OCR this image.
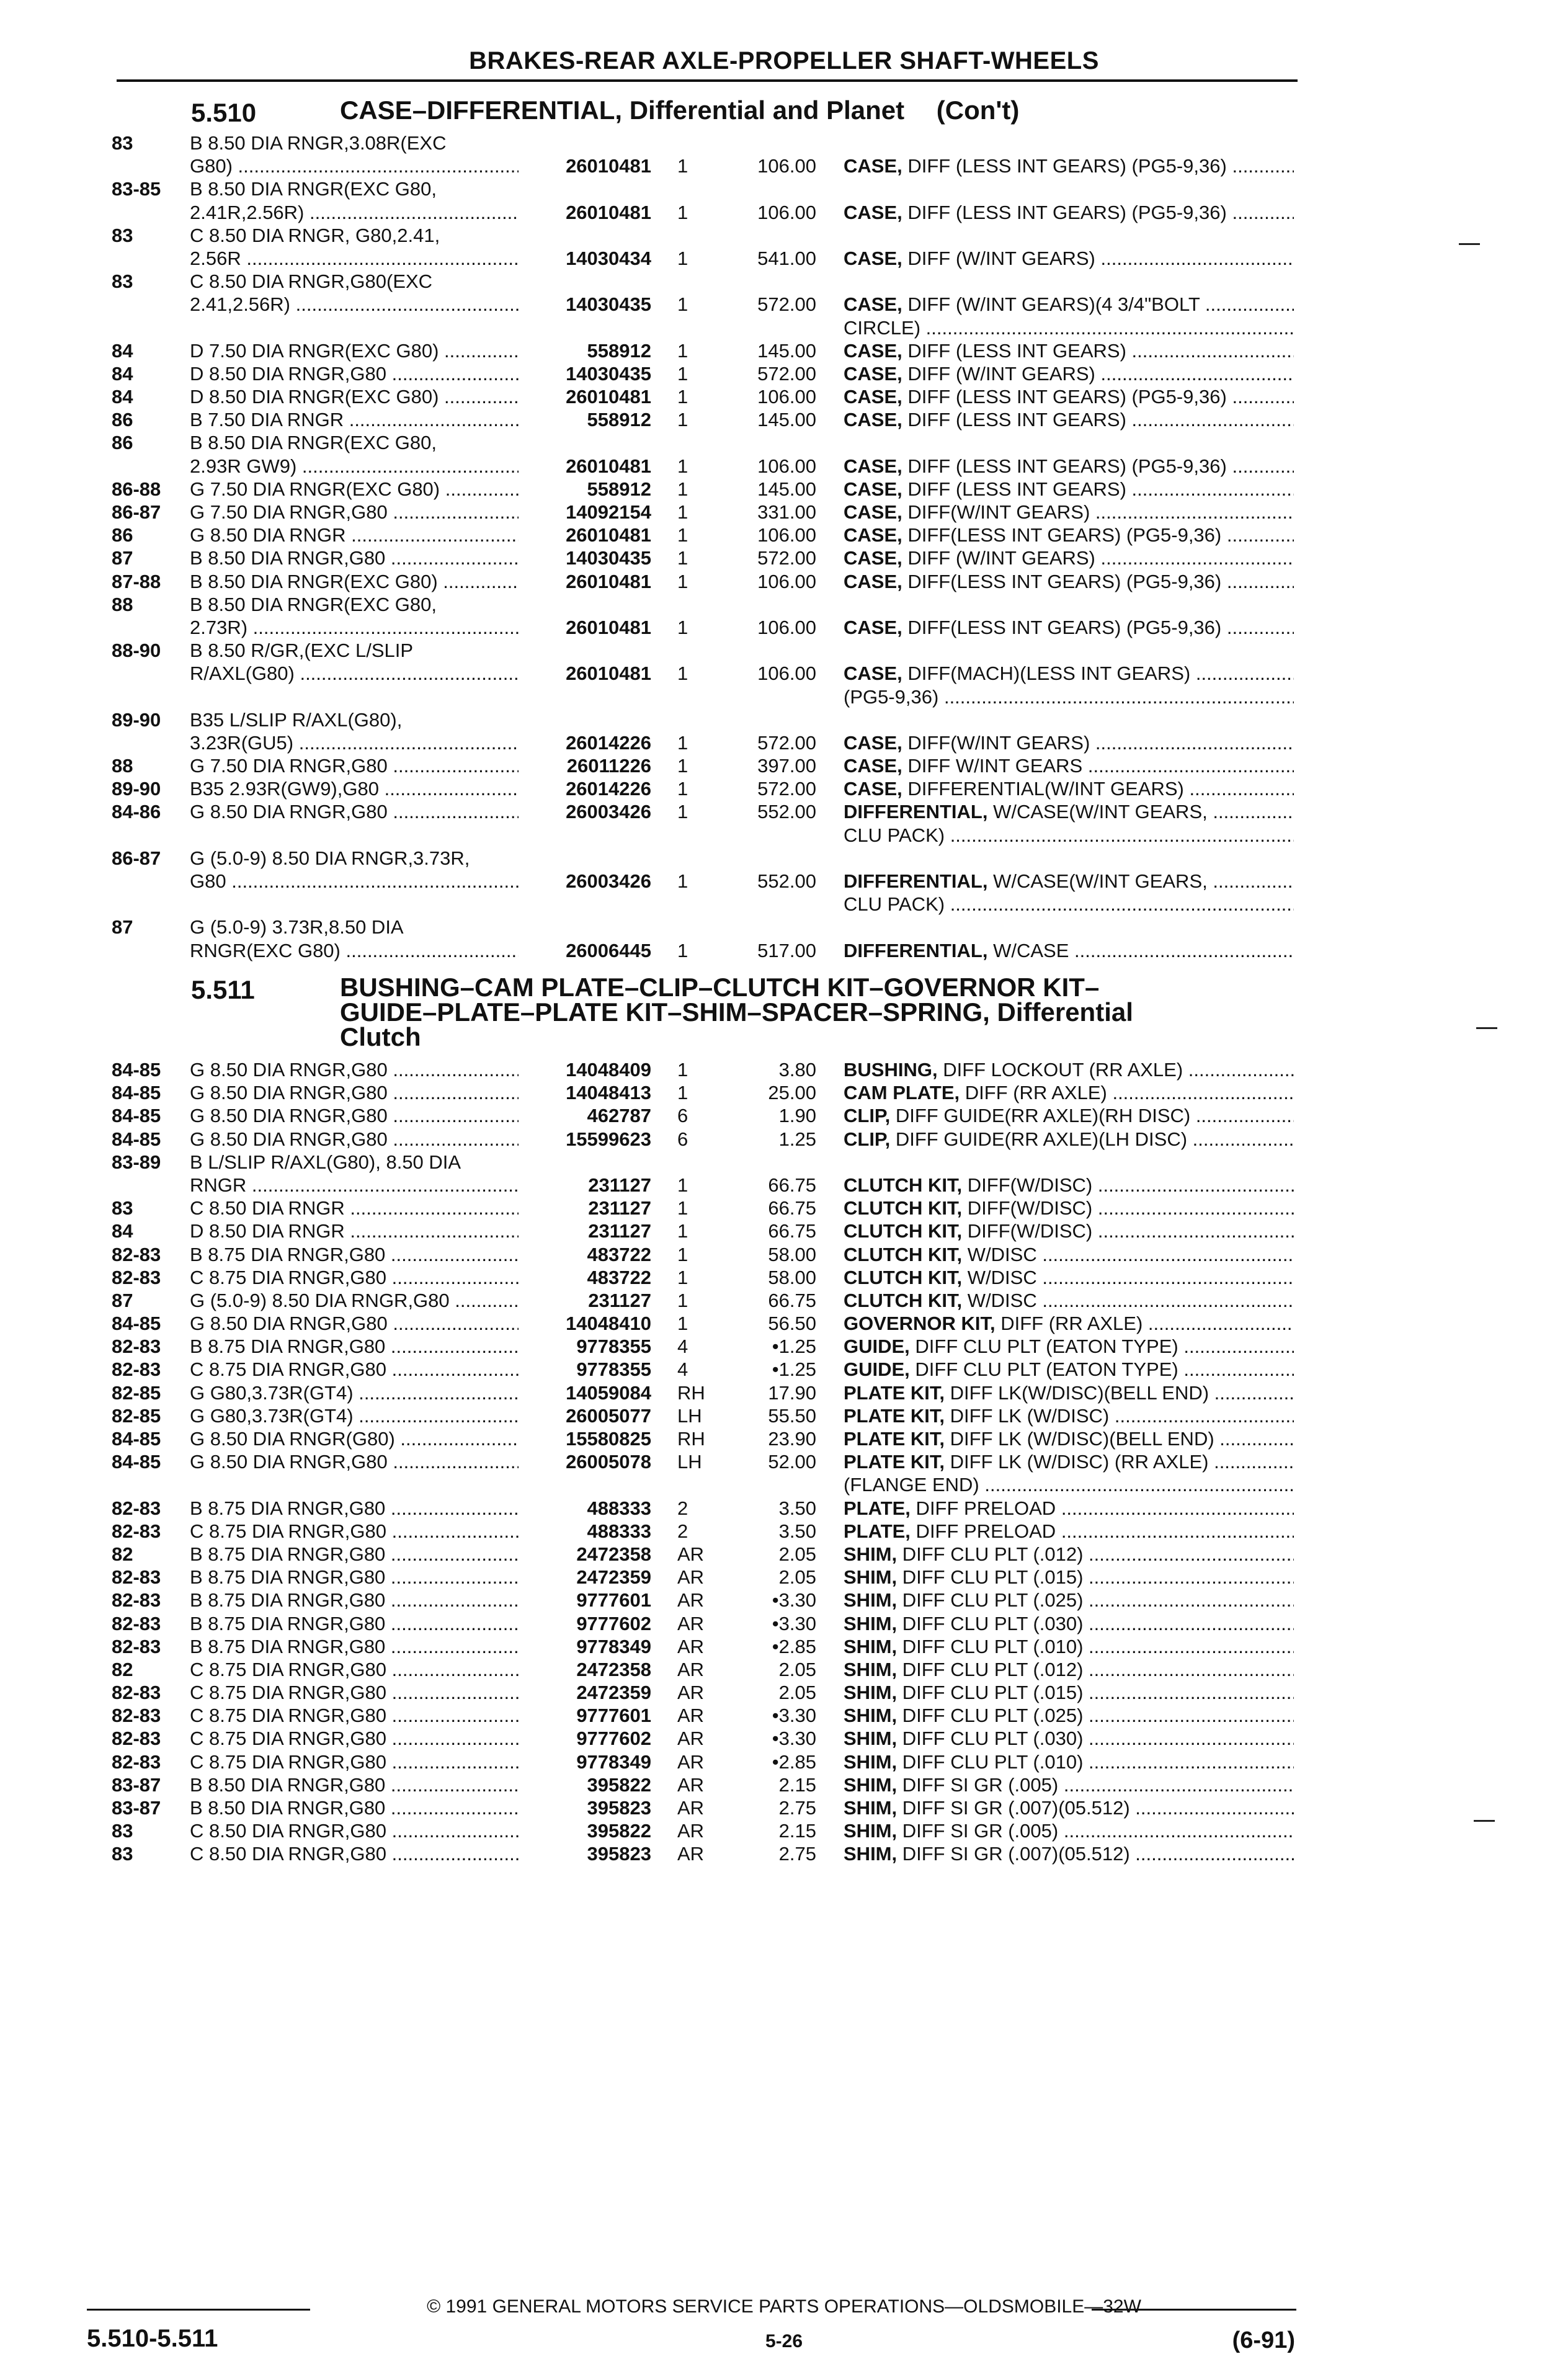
BRAKES-REAR AXLE-PROPELLER SHAFT-WHEELS
5.510	CASE–DIFFERENTIAL, Differential and Planet (Con't)
83	B 8.50 DIA RNGR,3.08R(EXC
G80) .....	26010481 1	106.00 CASE, DIFF (LESS INT GEARS) (PG5-9,36) .....
83-85 B 8.50 DIA RNGR(EXC G80,
2.41R,2.56R) .....	26010481 1	106.00 CASE, DIFF (LESS INT GEARS) (PG5-9,36) .....
83	C 8.50 DIA RNGR, G80,2.41,
2.56R .....	14030434 1	541.00 CASE, DIFF (W/INT GEARS) .....
83	C 8.50 DIA RNGR,G80(EXC
2.41,2.56R) .....	14030435 1	572.00 CASE, DIFF (W/INT GEARS)(4 3/4"BOLT .....
CIRCLE) .....
84	D 7.50 DIA RNGR(EXC G80) .....	558912 1	145.00 CASE, DIFF (LESS INT GEARS) .....
84	D 8.50 DIA RNGR,G80 .....	14030435 1	572.00 CASE, DIFF (W/INT GEARS) .....
84	D 8.50 DIA RNGR(EXC G80) .....	26010481 1	106.00 CASE, DIFF (LESS INT GEARS) (PG5-9,36) .....
86	B 7.50 DIA RNGR .....	558912 1	145.00 CASE, DIFF (LESS INT GEARS) .....
86	B 8.50 DIA RNGR(EXC G80,
2.93R GW9) .....	26010481 1	106.00 CASE, DIFF (LESS INT GEARS) (PG5-9,36) .....
86-88 G 7.50 DIA RNGR(EXC G80) .....	558912 1	145.00 CASE, DIFF (LESS INT GEARS) .....
86-87 G 7.50 DIA RNGR,G80 .....	14092154 1	331.00 CASE, DIFF(W/INT GEARS) .....
86	G 8.50 DIA RNGR .....	26010481 1	106.00 CASE, DIFF(LESS INT GEARS) (PG5-9,36) .....
87	B 8.50 DIA RNGR,G80 .....	14030435 1	572.00 CASE, DIFF (W/INT GEARS) .....
87-88 B 8.50 DIA RNGR(EXC G80) .....	26010481 1	106.00 CASE, DIFF(LESS INT GEARS) (PG5-9,36) .....
88	B 8.50 DIA RNGR(EXC G80,
2.73R) .....	26010481 1	106.00 CASE, DIFF(LESS INT GEARS) (PG5-9,36) .....
88-90 B 8.50 R/GR,(EXC L/SLIP
R/AXL(G80) .....	26010481 1	106.00 CASE, DIFF(MACH)(LESS INT GEARS) .....
(PG5-9,36) .....
89-90 B35 L/SLIP R/AXL(G80),
3.23R(GU5) .....	26014226 1	572.00 CASE, DIFF(W/INT GEARS) .....
88	G 7.50 DIA RNGR,G80 .....	26011226 1	397.00 CASE, DIFF W/INT GEARS .....
89-90 B35 2.93R(GW9),G80 .....	26014226 1	572.00 CASE, DIFFERENTIAL(W/INT GEARS) .....
84-86 G 8.50 DIA RNGR,G80 .....	26003426 1	552.00 DIFFERENTIAL, W/CASE(W/INT GEARS, .....
CLU PACK) .....
86-87 G (5.0-9) 8.50 DIA RNGR,3.73R,
G80 .....	26003426 1	552.00 DIFFERENTIAL, W/CASE(W/INT GEARS, .....
CLU PACK) .....
87	G (5.0-9) 3.73R,8.50 DIA
RNGR(EXC G80) .....	26006445 1	517.00 DIFFERENTIAL, W/CASE .....
5.511	BUSHING–CAM PLATE–CLIP–CLUTCH KIT–GOVERNOR KIT–
GUIDE–PLATE–PLATE KIT–SHIM–SPACER–SPRING, Differential
Clutch
84-85 G 8.50 DIA RNGR,G80 .....	14048409 1	3.80 BUSHING, DIFF LOCKOUT (RR AXLE) .....
84-85 G 8.50 DIA RNGR,G80 .....	14048413 1	25.00 CAM PLATE, DIFF (RR AXLE) .....
84-85 G 8.50 DIA RNGR,G80 .....	462787 6	1.90 CLIP, DIFF GUIDE(RR AXLE)(RH DISC) .....
84-85 G 8.50 DIA RNGR,G80 .....	15599623 6	1.25 CLIP, DIFF GUIDE(RR AXLE)(LH DISC) .....
83-89 B L/SLIP R/AXL(G80), 8.50 DIA
RNGR .....	231127 1	66.75 CLUTCH KIT, DIFF(W/DISC) .....
83	C 8.50 DIA RNGR .....	231127 1	66.75 CLUTCH KIT, DIFF(W/DISC) .....
84	D 8.50 DIA RNGR .....	231127 1	66.75 CLUTCH KIT, DIFF(W/DISC) .....
82-83 B 8.75 DIA RNGR,G80 .....	483722 1	58.00 CLUTCH KIT, W/DISC .....
82-83 C 8.75 DIA RNGR,G80 .....	483722 1	58.00 CLUTCH KIT, W/DISC .....
87	G (5.0-9) 8.50 DIA RNGR,G80 .....	231127 1	66.75 CLUTCH KIT, W/DISC .....
84-85 G 8.50 DIA RNGR,G80 .....	14048410 1	56.50 GOVERNOR KIT, DIFF (RR AXLE) .....
82-83 B 8.75 DIA RNGR,G80 .....	9778355 4	•1.25 GUIDE, DIFF CLU PLT (EATON TYPE) .....
82-83 C 8.75 DIA RNGR,G80 .....	9778355 4	•1.25 GUIDE, DIFF CLU PLT (EATON TYPE) .....
82-85 G G80,3.73R(GT4) .....	14059084 RH	17.90 PLATE KIT, DIFF LK(W/DISC)(BELL END) .....
82-85 G G80,3.73R(GT4) .....	26005077 LH	55.50 PLATE KIT, DIFF LK (W/DISC) .....
84-85 G 8.50 DIA RNGR(G80) .....	15580825 RH	23.90 PLATE KIT, DIFF LK (W/DISC)(BELL END) .....
84-85 G 8.50 DIA RNGR,G80 .....	26005078 LH	52.00 PLATE KIT, DIFF LK (W/DISC) (RR AXLE) .....
(FLANGE END) .....
82-83 B 8.75 DIA RNGR,G80 .....	488333 2	3.50 PLATE, DIFF PRELOAD .....
82-83 C 8.75 DIA RNGR,G80 .....	488333 2	3.50 PLATE, DIFF PRELOAD .....
82	B 8.75 DIA RNGR,G80 .....	2472358 AR	2.05 SHIM, DIFF CLU PLT (.012) .....
82-83 B 8.75 DIA RNGR,G80 .....	2472359 AR	2.05 SHIM, DIFF CLU PLT (.015) .....
82-83 B 8.75 DIA RNGR,G80 .....	9777601 AR	•3.30 SHIM, DIFF CLU PLT (.025) .....
82-83 B 8.75 DIA RNGR,G80 .....	9777602 AR	•3.30 SHIM, DIFF CLU PLT (.030) .....
82-83 B 8.75 DIA RNGR,G80 .....	9778349 AR	•2.85 SHIM, DIFF CLU PLT (.010) .....
82	C 8.75 DIA RNGR,G80 .....	2472358 AR	2.05 SHIM, DIFF CLU PLT (.012) .....
82-83 C 8.75 DIA RNGR,G80 .....	2472359 AR	2.05 SHIM, DIFF CLU PLT (.015) .....
82-83 C 8.75 DIA RNGR,G80 .....	9777601 AR	•3.30 SHIM, DIFF CLU PLT (.025) .....
82-83 C 8.75 DIA RNGR,G80 .....	9777602 AR	•3.30 SHIM, DIFF CLU PLT (.030) .....
82-83 C 8.75 DIA RNGR,G80 .....	9778349 AR	•2.85 SHIM, DIFF CLU PLT (.010) .....
83-87 B 8.50 DIA RNGR,G80 .....	395822 AR	2.15 SHIM, DIFF SI GR (.005) .....
83-87 B 8.50 DIA RNGR,G80 .....	395823 AR	2.75 SHIM, DIFF SI GR (.007)(05.512) .....
83	C 8.50 DIA RNGR,G80 .....	395822 AR	2.15 SHIM, DIFF SI GR (.005) .....
83	C 8.50 DIA RNGR,G80 .....	395823 AR	2.75 SHIM, DIFF SI GR (.007)(05.512) .....
© 1991 GENERAL MOTORS SERVICE PARTS OPERATIONS—OLDSMOBILE—32W
5.510-5.511	5-26	(6-91)
